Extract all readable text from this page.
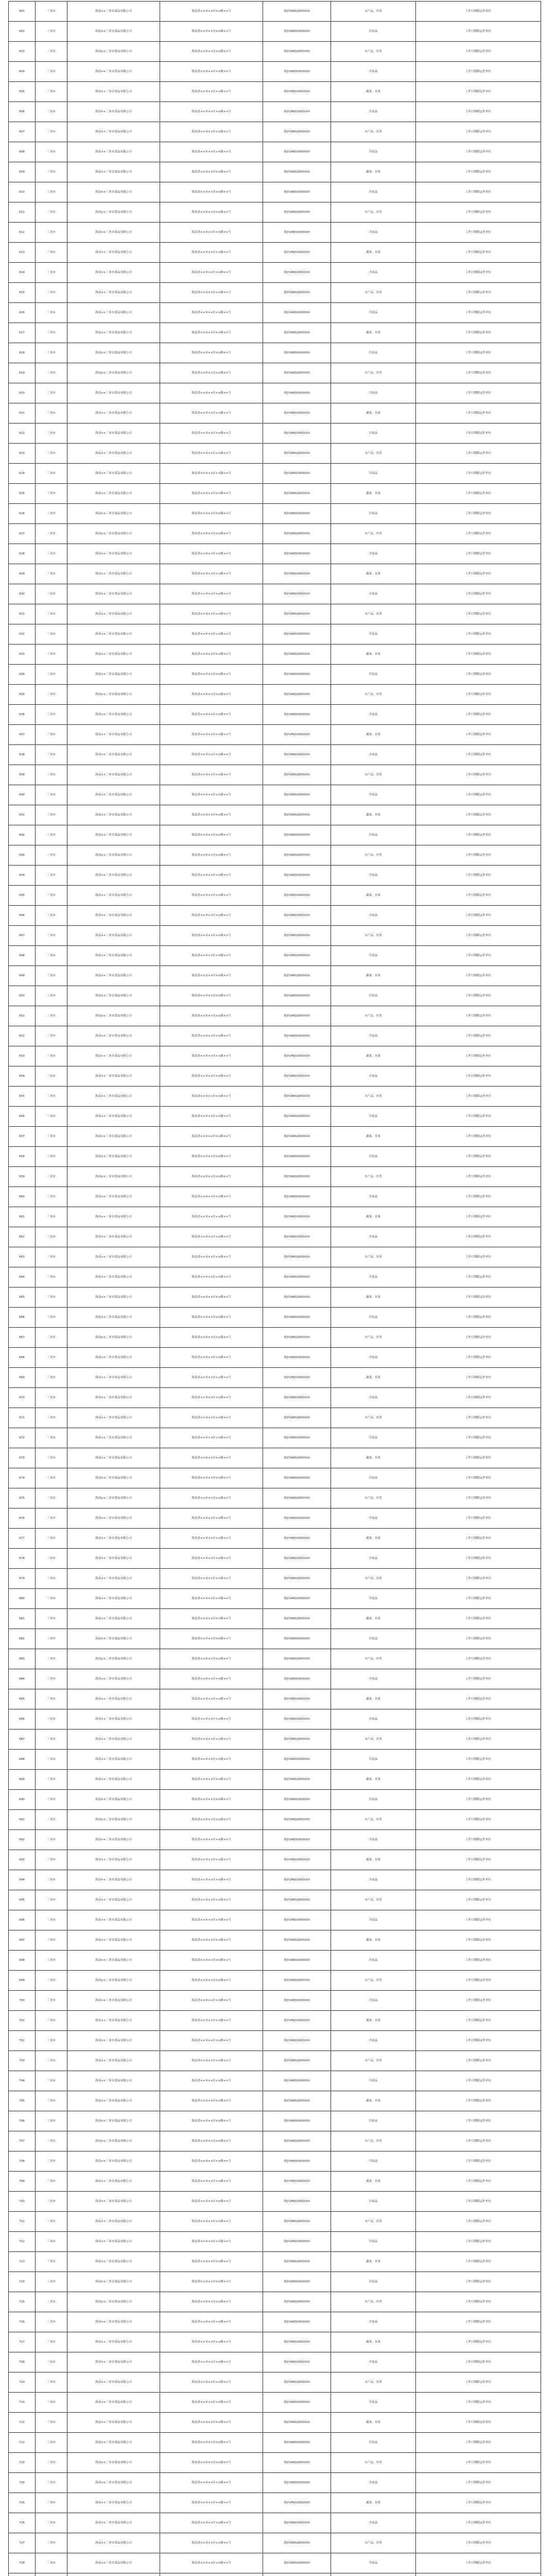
601	三亚市	海南××三亚市食品有限公司	海南省××市××区××路××号	琼JY2460200XXXX	水产品、鱼类	工作日期限运作单位
602	三亚市	海南××三亚市食品有限公司	海南省××市××区××路××号	琼JY2460200XXXX	冷冻品	工作日期限运作单位
603	三亚市	海南××三亚市食品有限公司	海南省××市××区××路××号	琼JY2460200XXXX	水产品、鱼类	工作日期限运作单位
604	三亚市	海南××三亚市食品有限公司	海南省××市××区××路××号	琼JY2460200XXXX	冷冻品	工作日期限运作单位
605	三亚市	海南××三亚市食品有限公司	海南省××市××区××路××号	琼JY2460200XXXX	蔬菜、水果	工作日期限运作单位
606	三亚市	海南××三亚市食品有限公司	海南省××市××区××路××号	琼JY2460200XXXX	冷冻品	工作日期限运作单位
607	三亚市	海南××三亚市食品有限公司	海南省××市××区××路××号	琼JY2460200XXXX	水产品、鱼类	工作日期限运作单位
608	三亚市	海南××三亚市食品有限公司	海南省××市××区××路××号	琼JY2460200XXXX	冷冻品	工作日期限运作单位
609	三亚市	海南××三亚市食品有限公司	海南省××市××区××路××号	琼JY2460200XXXX	蔬菜、水果	工作日期限运作单位
610	三亚市	海南××三亚市食品有限公司	海南省××市××区××路××号	琼JY2460200XXXX	冷冻品	工作日期限运作单位
611	三亚市	海南××三亚市食品有限公司	海南省××市××区××路××号	琼JY2460200XXXX	水产品、鱼类	工作日期限运作单位
612	三亚市	海南××三亚市食品有限公司	海南省××市××区××路××号	琼JY2460200XXXX	冷冻品	工作日期限运作单位
613	三亚市	海南××三亚市食品有限公司	海南省××市××区××路××号	琼JY2460200XXXX	蔬菜、水果	工作日期限运作单位
614	三亚市	海南××三亚市食品有限公司	海南省××市××区××路××号	琼JY2460200XXXX	冷冻品	工作日期限运作单位
615	三亚市	海南××三亚市食品有限公司	海南省××市××区××路××号	琼JY2460200XXXX	水产品、鱼类	工作日期限运作单位
616	三亚市	海南××三亚市食品有限公司	海南省××市××区××路××号	琼JY2460200XXXX	冷冻品	工作日期限运作单位
617	三亚市	海南××三亚市食品有限公司	海南省××市××区××路××号	琼JY2460200XXXX	蔬菜、水果	工作日期限运作单位
618	三亚市	海南××三亚市食品有限公司	海南省××市××区××路××号	琼JY2460200XXXX	冷冻品	工作日期限运作单位
619	三亚市	海南××三亚市食品有限公司	海南省××市××区××路××号	琼JY2460200XXXX	水产品、鱼类	工作日期限运作单位
620	三亚市	海南××三亚市食品有限公司	海南省××市××区××路××号	琼JY2460200XXXX	冷冻品	工作日期限运作单位
621	三亚市	海南××三亚市食品有限公司	海南省××市××区××路××号	琼JY2460200XXXX	蔬菜、水果	工作日期限运作单位
622	三亚市	海南××三亚市食品有限公司	海南省××市××区××路××号	琼JY2460200XXXX	冷冻品	工作日期限运作单位
623	三亚市	海南××三亚市食品有限公司	海南省××市××区××路××号	琼JY2460200XXXX	水产品、鱼类	工作日期限运作单位
624	三亚市	海南××三亚市食品有限公司	海南省××市××区××路××号	琼JY2460200XXXX	冷冻品	工作日期限运作单位
625	三亚市	海南××三亚市食品有限公司	海南省××市××区××路××号	琼JY2460200XXXX	蔬菜、水果	工作日期限运作单位
626	三亚市	海南××三亚市食品有限公司	海南省××市××区××路××号	琼JY2460200XXXX	冷冻品	工作日期限运作单位
627	三亚市	海南××三亚市食品有限公司	海南省××市××区××路××号	琼JY2460200XXXX	水产品、鱼类	工作日期限运作单位
628	三亚市	海南××三亚市食品有限公司	海南省××市××区××路××号	琼JY2460200XXXX	冷冻品	工作日期限运作单位
629	三亚市	海南××三亚市食品有限公司	海南省××市××区××路××号	琼JY2460200XXXX	蔬菜、水果	工作日期限运作单位
630	三亚市	海南××三亚市食品有限公司	海南省××市××区××路××号	琼JY2460200XXXX	冷冻品	工作日期限运作单位
631	三亚市	海南××三亚市食品有限公司	海南省××市××区××路××号	琼JY2460200XXXX	水产品、鱼类	工作日期限运作单位
632	三亚市	海南××三亚市食品有限公司	海南省××市××区××路××号	琼JY2460200XXXX	冷冻品	工作日期限运作单位
633	三亚市	海南××三亚市食品有限公司	海南省××市××区××路××号	琼JY2460200XXXX	蔬菜、水果	工作日期限运作单位
634	三亚市	海南××三亚市食品有限公司	海南省××市××区××路××号	琼JY2460200XXXX	冷冻品	工作日期限运作单位
635	三亚市	海南××三亚市食品有限公司	海南省××市××区××路××号	琼JY2460200XXXX	水产品、鱼类	工作日期限运作单位
636	三亚市	海南××三亚市食品有限公司	海南省××市××区××路××号	琼JY2460200XXXX	冷冻品	工作日期限运作单位
637	三亚市	海南××三亚市食品有限公司	海南省××市××区××路××号	琼JY2460200XXXX	蔬菜、水果	工作日期限运作单位
638	三亚市	海南××三亚市食品有限公司	海南省××市××区××路××号	琼JY2460200XXXX	冷冻品	工作日期限运作单位
639	三亚市	海南××三亚市食品有限公司	海南省××市××区××路××号	琼JY2460200XXXX	水产品、鱼类	工作日期限运作单位
640	三亚市	海南××三亚市食品有限公司	海南省××市××区××路××号	琼JY2460200XXXX	冷冻品	工作日期限运作单位
641	三亚市	海南××三亚市食品有限公司	海南省××市××区××路××号	琼JY2460200XXXX	蔬菜、水果	工作日期限运作单位
642	三亚市	海南××三亚市食品有限公司	海南省××市××区××路××号	琼JY2460200XXXX	冷冻品	工作日期限运作单位
643	三亚市	海南××三亚市食品有限公司	海南省××市××区××路××号	琼JY2460200XXXX	水产品、鱼类	工作日期限运作单位
644	三亚市	海南××三亚市食品有限公司	海南省××市××区××路××号	琼JY2460200XXXX	冷冻品	工作日期限运作单位
645	三亚市	海南××三亚市食品有限公司	海南省××市××区××路××号	琼JY2460200XXXX	蔬菜、水果	工作日期限运作单位
646	三亚市	海南××三亚市食品有限公司	海南省××市××区××路××号	琼JY2460200XXXX	冷冻品	工作日期限运作单位
647	三亚市	海南××三亚市食品有限公司	海南省××市××区××路××号	琼JY2460200XXXX	水产品、鱼类	工作日期限运作单位
648	三亚市	海南××三亚市食品有限公司	海南省××市××区××路××号	琼JY2460200XXXX	冷冻品	工作日期限运作单位
649	三亚市	海南××三亚市食品有限公司	海南省××市××区××路××号	琼JY2460200XXXX	蔬菜、水果	工作日期限运作单位
650	三亚市	海南××三亚市食品有限公司	海南省××市××区××路××号	琼JY2460200XXXX	冷冻品	工作日期限运作单位
651	三亚市	海南××三亚市食品有限公司	海南省××市××区××路××号	琼JY2460200XXXX	水产品、鱼类	工作日期限运作单位
652	三亚市	海南××三亚市食品有限公司	海南省××市××区××路××号	琼JY2460200XXXX	冷冻品	工作日期限运作单位
653	三亚市	海南××三亚市食品有限公司	海南省××市××区××路××号	琼JY2460200XXXX	蔬菜、水果	工作日期限运作单位
654	三亚市	海南××三亚市食品有限公司	海南省××市××区××路××号	琼JY2460200XXXX	冷冻品	工作日期限运作单位
655	三亚市	海南××三亚市食品有限公司	海南省××市××区××路××号	琼JY2460200XXXX	水产品、鱼类	工作日期限运作单位
656	三亚市	海南××三亚市食品有限公司	海南省××市××区××路××号	琼JY2460200XXXX	冷冻品	工作日期限运作单位
657	三亚市	海南××三亚市食品有限公司	海南省××市××区××路××号	琼JY2460200XXXX	蔬菜、水果	工作日期限运作单位
658	三亚市	海南××三亚市食品有限公司	海南省××市××区××路××号	琼JY2460200XXXX	冷冻品	工作日期限运作单位
659	三亚市	海南××三亚市食品有限公司	海南省××市××区××路××号	琼JY2460200XXXX	水产品、鱼类	工作日期限运作单位
660	三亚市	海南××三亚市食品有限公司	海南省××市××区××路××号	琼JY2460200XXXX	冷冻品	工作日期限运作单位
661	三亚市	海南××三亚市食品有限公司	海南省××市××区××路××号	琼JY2460200XXXX	蔬菜、水果	工作日期限运作单位
662	三亚市	海南××三亚市食品有限公司	海南省××市××区××路××号	琼JY2460200XXXX	冷冻品	工作日期限运作单位
663	三亚市	海南××三亚市食品有限公司	海南省××市××区××路××号	琼JY2460200XXXX	水产品、鱼类	工作日期限运作单位
664	三亚市	海南××三亚市食品有限公司	海南省××市××区××路××号	琼JY2460200XXXX	冷冻品	工作日期限运作单位
665	三亚市	海南××三亚市食品有限公司	海南省××市××区××路××号	琼JY2460200XXXX	蔬菜、水果	工作日期限运作单位
666	三亚市	海南××三亚市食品有限公司	海南省××市××区××路××号	琼JY2460200XXXX	冷冻品	工作日期限运作单位
667	三亚市	海南××三亚市食品有限公司	海南省××市××区××路××号	琼JY2460200XXXX	水产品、鱼类	工作日期限运作单位
668	三亚市	海南××三亚市食品有限公司	海南省××市××区××路××号	琼JY2460200XXXX	冷冻品	工作日期限运作单位
669	三亚市	海南××三亚市食品有限公司	海南省××市××区××路××号	琼JY2460200XXXX	蔬菜、水果	工作日期限运作单位
670	三亚市	海南××三亚市食品有限公司	海南省××市××区××路××号	琼JY2460200XXXX	冷冻品	工作日期限运作单位
671	三亚市	海南××三亚市食品有限公司	海南省××市××区××路××号	琼JY2460200XXXX	水产品、鱼类	工作日期限运作单位
672	三亚市	海南××三亚市食品有限公司	海南省××市××区××路××号	琼JY2460200XXXX	冷冻品	工作日期限运作单位
673	三亚市	海南××三亚市食品有限公司	海南省××市××区××路××号	琼JY2460200XXXX	蔬菜、水果	工作日期限运作单位
674	三亚市	海南××三亚市食品有限公司	海南省××市××区××路××号	琼JY2460200XXXX	冷冻品	工作日期限运作单位
675	三亚市	海南××三亚市食品有限公司	海南省××市××区××路××号	琼JY2460200XXXX	水产品、鱼类	工作日期限运作单位
676	三亚市	海南××三亚市食品有限公司	海南省××市××区××路××号	琼JY2460200XXXX	冷冻品	工作日期限运作单位
677	三亚市	海南××三亚市食品有限公司	海南省××市××区××路××号	琼JY2460200XXXX	蔬菜、水果	工作日期限运作单位
678	三亚市	海南××三亚市食品有限公司	海南省××市××区××路××号	琼JY2460200XXXX	冷冻品	工作日期限运作单位
679	三亚市	海南××三亚市食品有限公司	海南省××市××区××路××号	琼JY2460200XXXX	水产品、鱼类	工作日期限运作单位
680	三亚市	海南××三亚市食品有限公司	海南省××市××区××路××号	琼JY2460200XXXX	冷冻品	工作日期限运作单位
681	三亚市	海南××三亚市食品有限公司	海南省××市××区××路××号	琼JY2460200XXXX	蔬菜、水果	工作日期限运作单位
682	三亚市	海南××三亚市食品有限公司	海南省××市××区××路××号	琼JY2460200XXXX	冷冻品	工作日期限运作单位
683	三亚市	海南××三亚市食品有限公司	海南省××市××区××路××号	琼JY2460200XXXX	水产品、鱼类	工作日期限运作单位
684	三亚市	海南××三亚市食品有限公司	海南省××市××区××路××号	琼JY2460200XXXX	冷冻品	工作日期限运作单位
685	三亚市	海南××三亚市食品有限公司	海南省××市××区××路××号	琼JY2460200XXXX	蔬菜、水果	工作日期限运作单位
686	三亚市	海南××三亚市食品有限公司	海南省××市××区××路××号	琼JY2460200XXXX	冷冻品	工作日期限运作单位
687	三亚市	海南××三亚市食品有限公司	海南省××市××区××路××号	琼JY2460200XXXX	水产品、鱼类	工作日期限运作单位
688	三亚市	海南××三亚市食品有限公司	海南省××市××区××路××号	琼JY2460200XXXX	冷冻品	工作日期限运作单位
689	三亚市	海南××三亚市食品有限公司	海南省××市××区××路××号	琼JY2460200XXXX	蔬菜、水果	工作日期限运作单位
690	三亚市	海南××三亚市食品有限公司	海南省××市××区××路××号	琼JY2460200XXXX	冷冻品	工作日期限运作单位
691	三亚市	海南××三亚市食品有限公司	海南省××市××区××路××号	琼JY2460200XXXX	水产品、鱼类	工作日期限运作单位
692	三亚市	海南××三亚市食品有限公司	海南省××市××区××路××号	琼JY2460200XXXX	冷冻品	工作日期限运作单位
693	三亚市	海南××三亚市食品有限公司	海南省××市××区××路××号	琼JY2460200XXXX	蔬菜、水果	工作日期限运作单位
694	三亚市	海南××三亚市食品有限公司	海南省××市××区××路××号	琼JY2460200XXXX	冷冻品	工作日期限运作单位
695	三亚市	海南××三亚市食品有限公司	海南省××市××区××路××号	琼JY2460200XXXX	水产品、鱼类	工作日期限运作单位
696	三亚市	海南××三亚市食品有限公司	海南省××市××区××路××号	琼JY2460200XXXX	冷冻品	工作日期限运作单位
697	三亚市	海南××三亚市食品有限公司	海南省××市××区××路××号	琼JY2460200XXXX	蔬菜、水果	工作日期限运作单位
698	三亚市	海南××三亚市食品有限公司	海南省××市××区××路××号	琼JY2460200XXXX	冷冻品	工作日期限运作单位
699	三亚市	海南××三亚市食品有限公司	海南省××市××区××路××号	琼JY2460200XXXX	水产品、鱼类	工作日期限运作单位
700	三亚市	海南××三亚市食品有限公司	海南省××市××区××路××号	琼JY2460200XXXX	冷冻品	工作日期限运作单位
701	三亚市	海南××三亚市食品有限公司	海南省××市××区××路××号	琼JY2460200XXXX	蔬菜、水果	工作日期限运作单位
702	三亚市	海南××三亚市食品有限公司	海南省××市××区××路××号	琼JY2460200XXXX	冷冻品	工作日期限运作单位
703	三亚市	海南××三亚市食品有限公司	海南省××市××区××路××号	琼JY2460200XXXX	水产品、鱼类	工作日期限运作单位
704	三亚市	海南××三亚市食品有限公司	海南省××市××区××路××号	琼JY2460200XXXX	冷冻品	工作日期限运作单位
705	三亚市	海南××三亚市食品有限公司	海南省××市××区××路××号	琼JY2460200XXXX	蔬菜、水果	工作日期限运作单位
706	三亚市	海南××三亚市食品有限公司	海南省××市××区××路××号	琼JY2460200XXXX	冷冻品	工作日期限运作单位
707	三亚市	海南××三亚市食品有限公司	海南省××市××区××路××号	琼JY2460200XXXX	水产品、鱼类	工作日期限运作单位
708	三亚市	海南××三亚市食品有限公司	海南省××市××区××路××号	琼JY2460200XXXX	冷冻品	工作日期限运作单位
709	三亚市	海南××三亚市食品有限公司	海南省××市××区××路××号	琼JY2460200XXXX	蔬菜、水果	工作日期限运作单位
710	三亚市	海南××三亚市食品有限公司	海南省××市××区××路××号	琼JY2460200XXXX	冷冻品	工作日期限运作单位
711	三亚市	海南××三亚市食品有限公司	海南省××市××区××路××号	琼JY2460200XXXX	水产品、鱼类	工作日期限运作单位
712	三亚市	海南××三亚市食品有限公司	海南省××市××区××路××号	琼JY2460200XXXX	冷冻品	工作日期限运作单位
713	三亚市	海南××三亚市食品有限公司	海南省××市××区××路××号	琼JY2460200XXXX	蔬菜、水果	工作日期限运作单位
714	三亚市	海南××三亚市食品有限公司	海南省××市××区××路××号	琼JY2460200XXXX	冷冻品	工作日期限运作单位
715	三亚市	海南××三亚市食品有限公司	海南省××市××区××路××号	琼JY2460200XXXX	水产品、鱼类	工作日期限运作单位
716	三亚市	海南××三亚市食品有限公司	海南省××市××区××路××号	琼JY2460200XXXX	冷冻品	工作日期限运作单位
717	三亚市	海南××三亚市食品有限公司	海南省××市××区××路××号	琼JY2460200XXXX	蔬菜、水果	工作日期限运作单位
718	三亚市	海南××三亚市食品有限公司	海南省××市××区××路××号	琼JY2460200XXXX	冷冻品	工作日期限运作单位
719	三亚市	海南××三亚市食品有限公司	海南省××市××区××路××号	琼JY2460200XXXX	水产品、鱼类	工作日期限运作单位
720	三亚市	海南××三亚市食品有限公司	海南省××市××区××路××号	琼JY2460200XXXX	冷冻品	工作日期限运作单位
721	三亚市	海南××三亚市食品有限公司	海南省××市××区××路××号	琼JY2460200XXXX	蔬菜、水果	工作日期限运作单位
722	三亚市	海南××三亚市食品有限公司	海南省××市××区××路××号	琼JY2460200XXXX	冷冻品	工作日期限运作单位
723	三亚市	海南××三亚市食品有限公司	海南省××市××区××路××号	琼JY2460200XXXX	水产品、鱼类	工作日期限运作单位
724	三亚市	海南××三亚市食品有限公司	海南省××市××区××路××号	琼JY2460200XXXX	冷冻品	工作日期限运作单位
725	三亚市	海南××三亚市食品有限公司	海南省××市××区××路××号	琼JY2460200XXXX	蔬菜、水果	工作日期限运作单位
726	三亚市	海南××三亚市食品有限公司	海南省××市××区××路××号	琼JY2460200XXXX	冷冻品	工作日期限运作单位
727	三亚市	海南××三亚市食品有限公司	海南省××市××区××路××号	琼JY2460200XXXX	水产品、鱼类	工作日期限运作单位
728	三亚市	海南××三亚市食品有限公司	海南省××市××区××路××号	琼JY2460200XXXX	冷冻品	工作日期限运作单位
